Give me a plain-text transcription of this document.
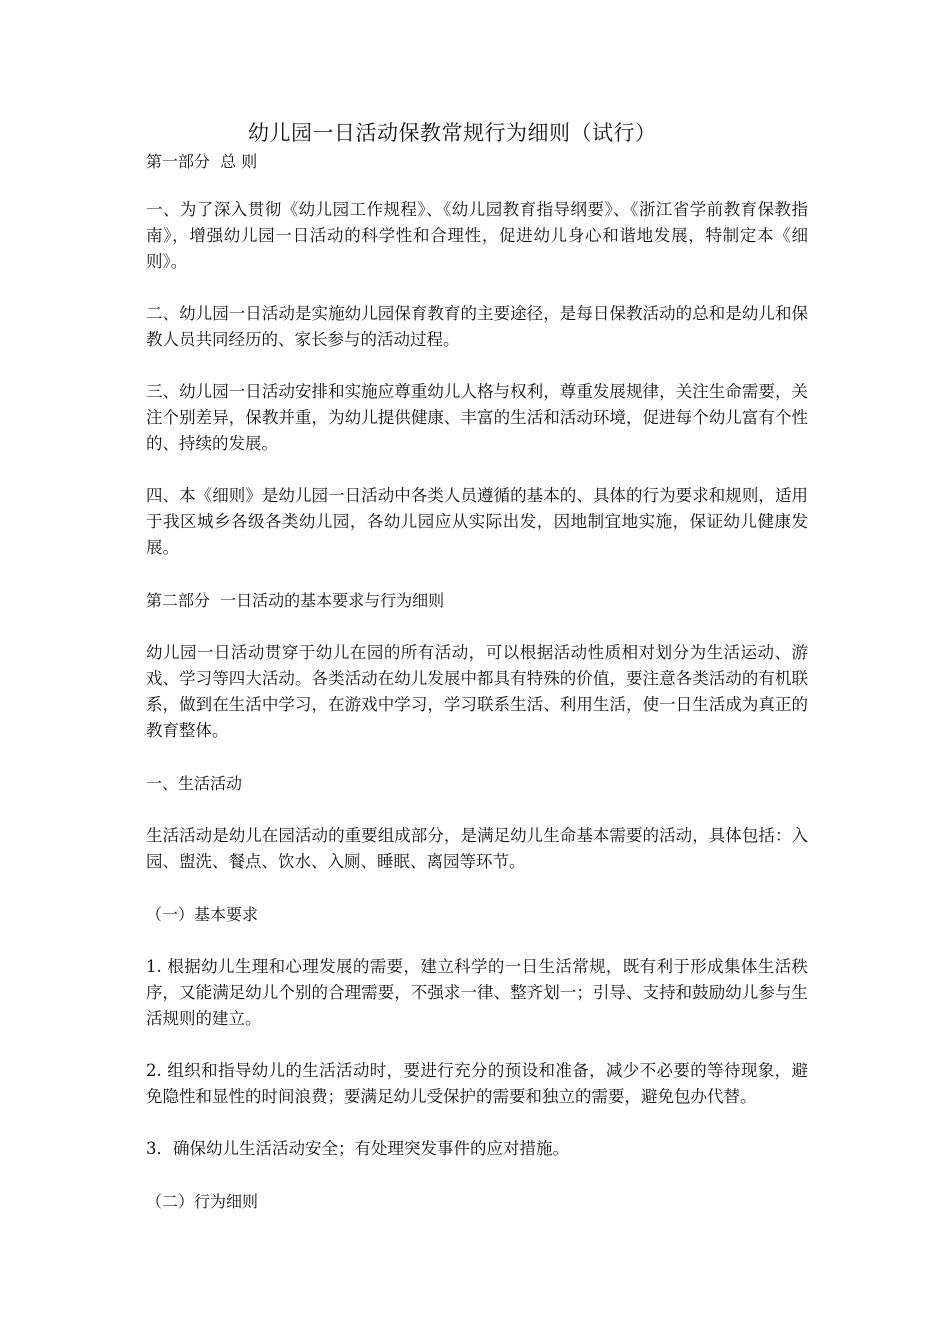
幼儿园一日活动保教常规行为细则（试行）

第一部分  总 则

一、为了深入贯彻《幼儿园工作规程》、《幼儿园教育指导纲要》、《浙江省学前教育保教指南》，增强幼儿园一日活动的科学性和合理性，促进幼儿身心和谐地发展，特制定本《细则》。

二、幼儿园一日活动是实施幼儿园保育教育的主要途径，是每日保教活动的总和是幼儿和保教人员共同经历的、家长参与的活动过程。

三、幼儿园一日活动安排和实施应尊重幼儿人格与权利，尊重发展规律，关注生命需要，关注个别差异，保教并重，为幼儿提供健康、丰富的生活和活动环境，促进每个幼儿富有个性的、持续的发展。

四、本《细则》是幼儿园一日活动中各类人员遵循的基本的、具体的行为要求和规则，适用于我区城乡各级各类幼儿园，各幼儿园应从实际出发，因地制宜地实施，保证幼儿健康发展。

第二部分  一日活动的基本要求与行为细则

幼儿园一日活动贯穿于幼儿在园的所有活动，可以根据活动性质相对划分为生活运动、游戏、学习等四大活动。各类活动在幼儿发展中都具有特殊的价值，要注意各类活动的有机联系，做到在生活中学习，在游戏中学习，学习联系生活、利用生活，使一日生活成为真正的教育整体。

一、生活活动

生活活动是幼儿在园活动的重要组成部分，是满足幼儿生命基本需要的活动，具体包括：入园、盥洗、餐点、饮水、入厕、睡眠、离园等环节。

（一）基本要求

1. 根据幼儿生理和心理发展的需要，建立科学的一日生活常规，既有利于形成集体生活秩序，又能满足幼儿个别的合理需要，不强求一律、整齐划一；引导、支持和鼓励幼儿参与生活规则的建立。

2. 组织和指导幼儿的生活活动时，要进行充分的预设和准备，减少不必要的等待现象，避免隐性和显性的时间浪费；要满足幼儿受保护的需要和独立的需要，避免包办代替。

3．确保幼儿生活活动安全；有处理突发事件的应对措施。

（二）行为细则
